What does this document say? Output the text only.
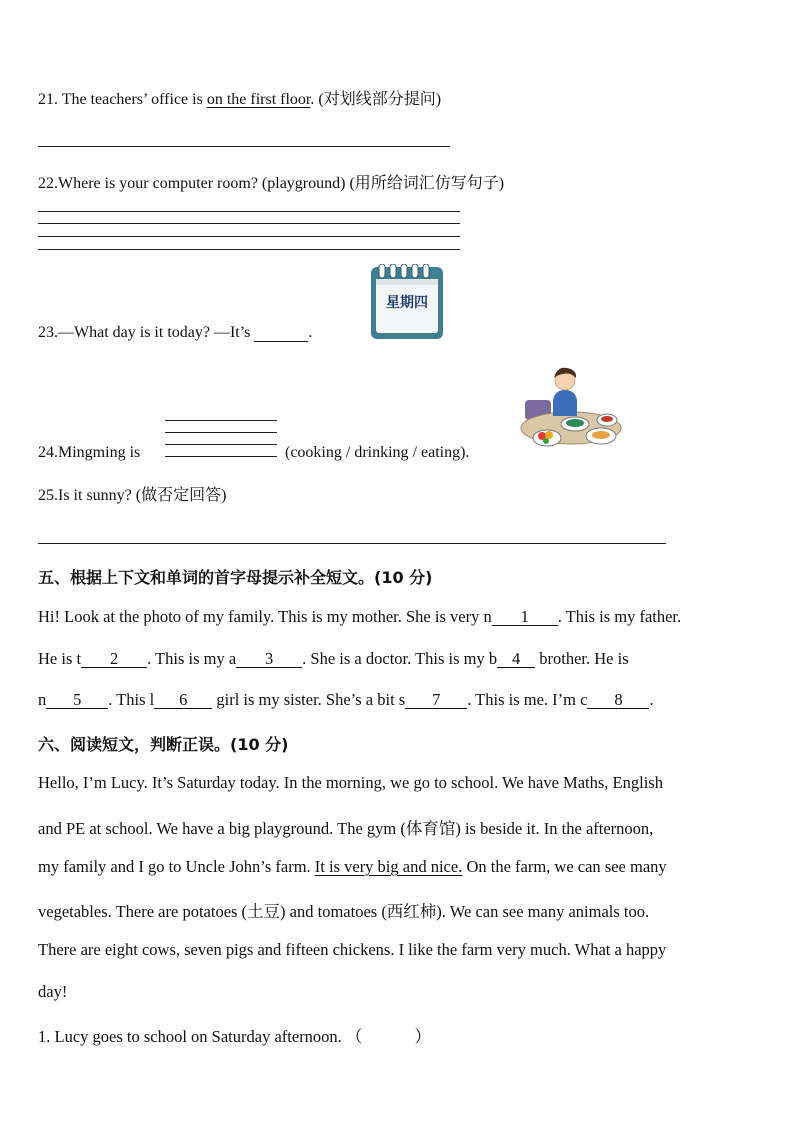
21. The teachers’ office is on the first floor. (对划线部分提问)
22.Where is your computer room? (playground) (用所给词汇仿写句子)
星期四
23.—What day is it today? —It’s	.
24.Mingming is	(cooking / drinking / eating).
25.Is it sunny? (做否定回答)
五、根据上下文和单词的首字母提示补全短文。(10 分)
Hi! Look at the photo of my family. This is my mother. She is very n 1 . This is my father.
He is t 2 . This is my a 3 . She is a doctor. This is my b 4 brother. He is
n 5 . This l 6 girl is my sister. She’s a bit s 7 . This is me. I’m c 8 .
六、阅读短文，判断正误。(10 分)
Hello, I’m Lucy. It’s Saturday today. In the morning, we go to school. We have Maths, English
and PE at school. We have a big playground. The gym (体育馆) is beside it. In the afternoon,
my family and I go to Uncle John’s farm. It is very big and nice. On the farm, we can see many
vegetables. There are potatoes (土豆) and tomatoes (西红柿). We can see many animals too.
There are eight cows, seven pigs and fifteen chickens. I like the farm very much. What a happy
day!
1. Lucy goes to school on Saturday afternoon. （	）
